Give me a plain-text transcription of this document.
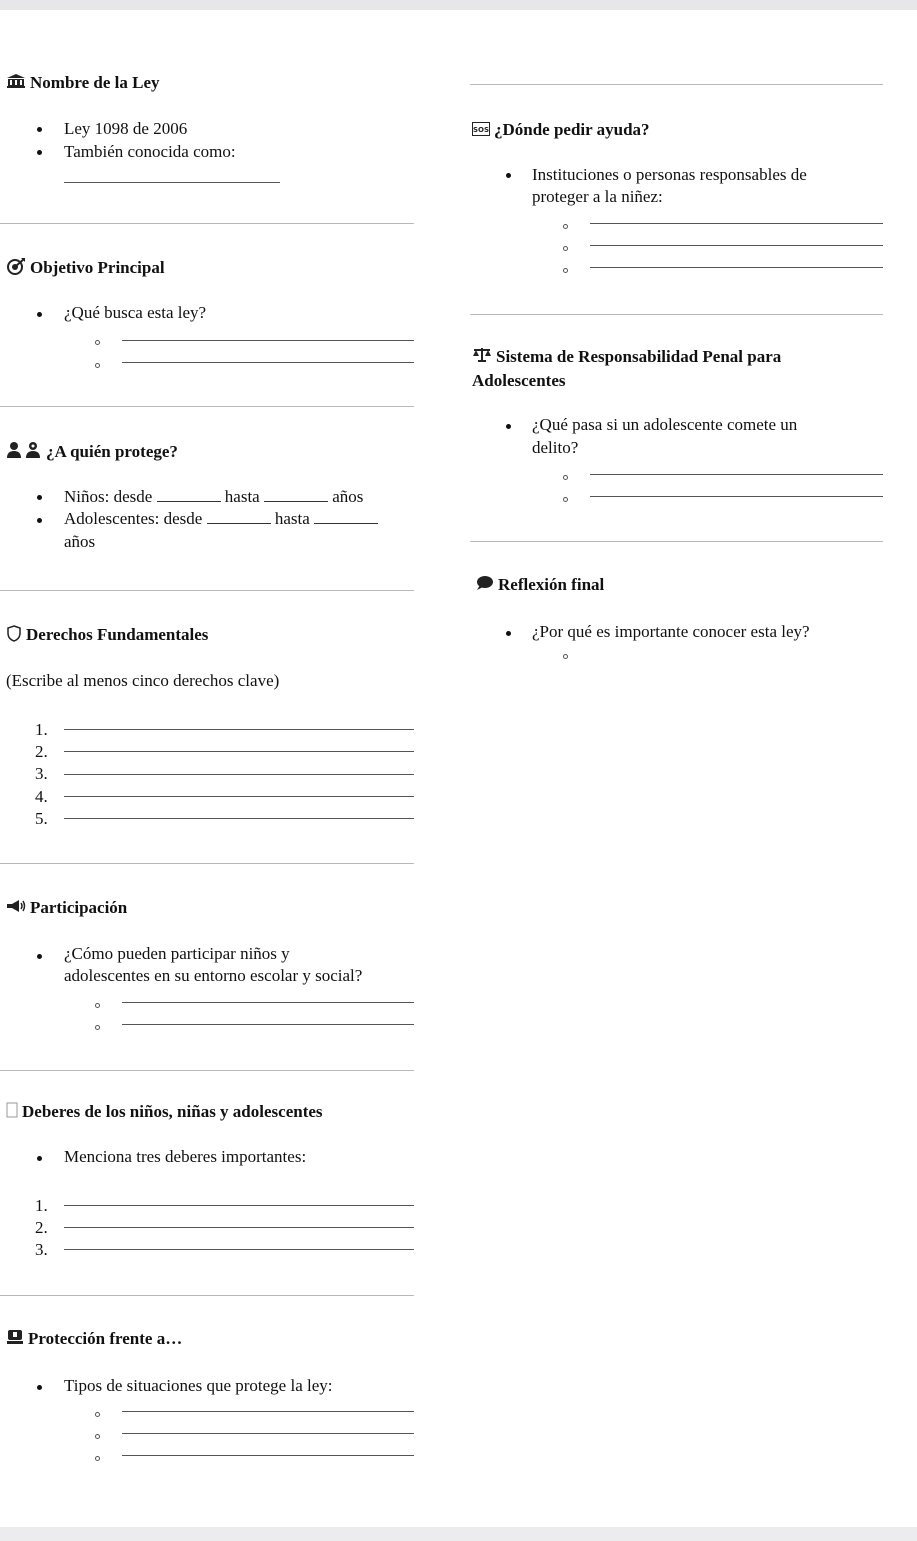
Nombre de la Ley
Ley 1098 de 2006
También conocida como:
Objetivo Principal
¿Qué busca esta ley?
¿A quién protege?
Niños: desde	hasta	años
Adolescentes: desde	hasta
años
Derechos Fundamentales
(Escribe al menos cinco derechos clave)
1.
2.
3.
4.
5.
Participación
¿Cómo pueden participar niños y
adolescentes en su entorno escolar y social?
Deberes de los niños, niñas y adolescentes
Menciona tres deberes importantes:
1.
2.
3.
Protección frente a…
Tipos de situaciones que protege la ley:
SOS ¿Dónde pedir ayuda?
Instituciones o personas responsables de
proteger a la niñez:
Sistema de Responsabilidad Penal para
Adolescentes
¿Qué pasa si un adolescente comete un
delito?
Reflexión final
¿Por qué es importante conocer esta ley?
